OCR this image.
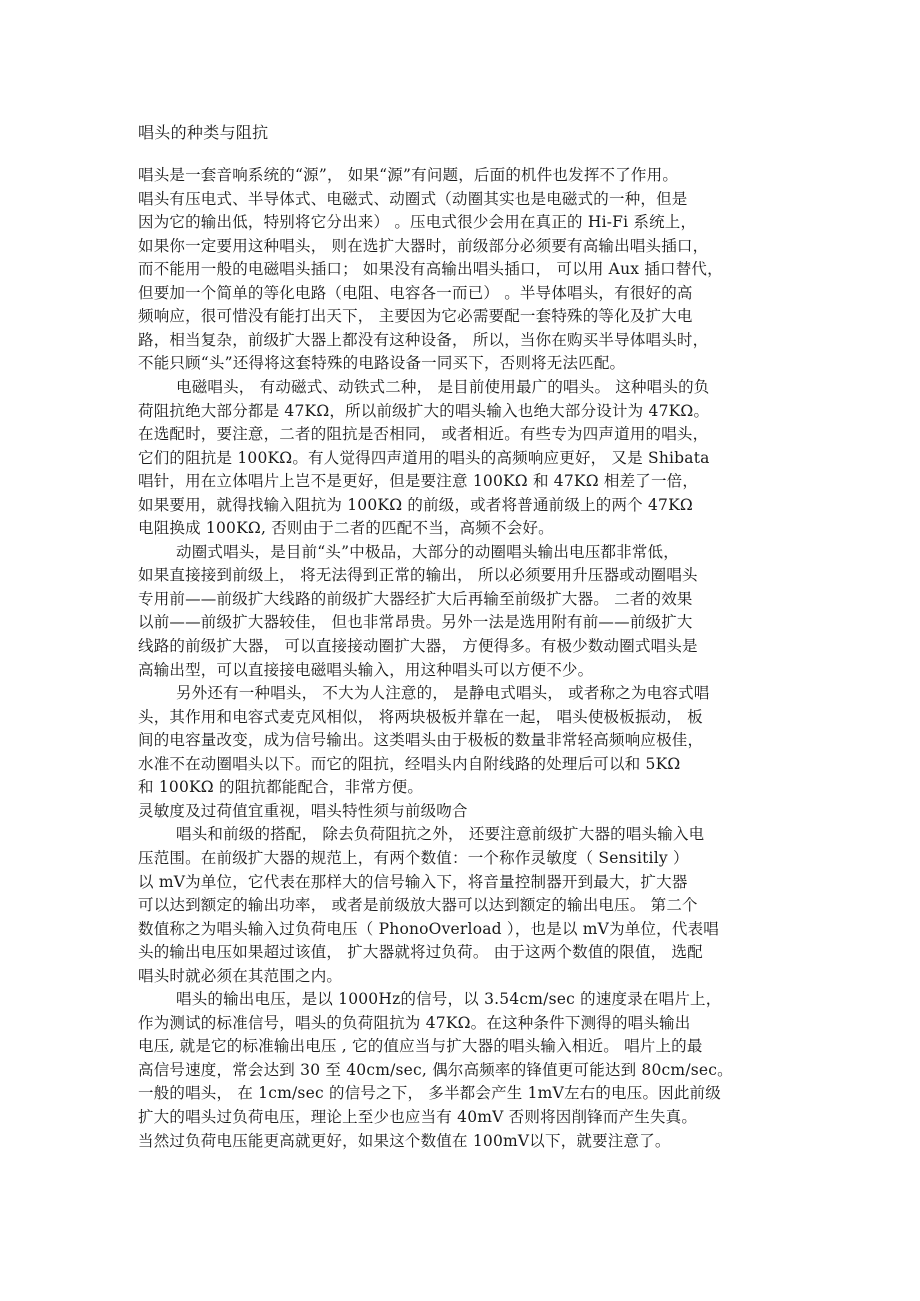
唱头的种类与阻抗
唱头是一套音响系统的“源”， 如果“源”有问题，后面的机件也发挥不了作用。
唱头有压电式、半导体式、电磁式、动圈式（动圈其实也是电磁式的一种，但是
因为它的输出低，特别将它分出来） 。压电式很少会用在真正的 Hi-Fi 系统上，
如果你一定要用这种唱头， 则在选扩大器时，前级部分必须要有高输出唱头插口，
而不能用一般的电磁唱头插口； 如果没有高输出唱头插口， 可以用 Aux 插口替代，
但要加一个简单的等化电路（电阻、电容各一而已） 。半导体唱头，有很好的高
频响应，很可惜没有能打出天下， 主要因为它必需要配一套特殊的等化及扩大电
路，相当复杂，前级扩大器上都没有这种设备， 所以，当你在购买半导体唱头时，
不能只顾“头”还得将这套特殊的电路设备一同买下，否则将无法匹配。
电磁唱头， 有动磁式、动铁式二种， 是目前使用最广的唱头。 这种唱头的负
荷阻抗绝大部分都是 47KΩ，所以前级扩大的唱头输入也绝大部分设计为 47KΩ。
在选配时，要注意，二者的阻抗是否相同， 或者相近。有些专为四声道用的唱头，
它们的阻抗是 100KΩ。有人觉得四声道用的唱头的高频响应更好， 又是 Shibata
唱针，用在立体唱片上岂不是更好，但是要注意 100KΩ 和 47KΩ 相差了一倍，
如果要用，就得找输入阻抗为 100KΩ 的前级，或者将普通前级上的两个 47KΩ
电阻换成 100KΩ, 否则由于二者的匹配不当，高频不会好。
动圈式唱头，是目前“头”中极品，大部分的动圈唱头输出电压都非常低，
如果直接接到前级上， 将无法得到正常的输出， 所以必须要用升压器或动圈唱头
专用前——前级扩大线路的前级扩大器经扩大后再输至前级扩大器。 二者的效果
以前——前级扩大器较佳， 但也非常昂贵。另外一法是选用附有前——前级扩大
线路的前级扩大器， 可以直接接动圈扩大器， 方便得多。有极少数动圈式唱头是
高输出型，可以直接接电磁唱头输入，用这种唱头可以方便不少。
另外还有一种唱头， 不大为人注意的， 是静电式唱头， 或者称之为电容式唱
头，其作用和电容式麦克风相似， 将两块极板并靠在一起， 唱头使极板振动， 板
间的电容量改变，成为信号输出。这类唱头由于极板的数量非常轻高频响应极佳，
水准不在动圈唱头以下。而它的阻抗，经唱头内自附线路的处理后可以和 5KΩ
和 100KΩ 的阻抗都能配合，非常方便。
灵敏度及过荷值宜重视，唱头特性须与前级吻合
唱头和前级的搭配， 除去负荷阻抗之外， 还要注意前级扩大器的唱头输入电
压范围。在前级扩大器的规范上，有两个数值：一个称作灵敏度（ Sensitily ）
以 mV为单位，它代表在那样大的信号输入下，将音量控制器开到最大，扩大器
可以达到额定的输出功率， 或者是前级放大器可以达到额定的输出电压。 第二个
数值称之为唱头输入过负荷电压（ PhonoOverload ），也是以 mV为单位，代表唱
头的输出电压如果超过该值， 扩大器就将过负荷。 由于这两个数值的限值， 选配
唱头时就必须在其范围之内。
唱头的输出电压，是以 1000Hz的信号，以 3.54cm/sec 的速度录在唱片上，
作为测试的标准信号，唱头的负荷阻抗为 47KΩ。在这种条件下测得的唱头输出
电压, 就是它的标准输出电压 , 它的值应当与扩大器的唱头输入相近。 唱片上的最
高信号速度，常会达到 30 至 40cm/sec, 偶尔高频率的锋值更可能达到 80cm/sec。
一般的唱头， 在 1cm/sec 的信号之下， 多半都会产生 1mV左右的电压。因此前级
扩大的唱头过负荷电压，理论上至少也应当有 40mV 否则将因削锋而产生失真。
当然过负荷电压能更高就更好，如果这个数值在 100mV以下，就要注意了。
